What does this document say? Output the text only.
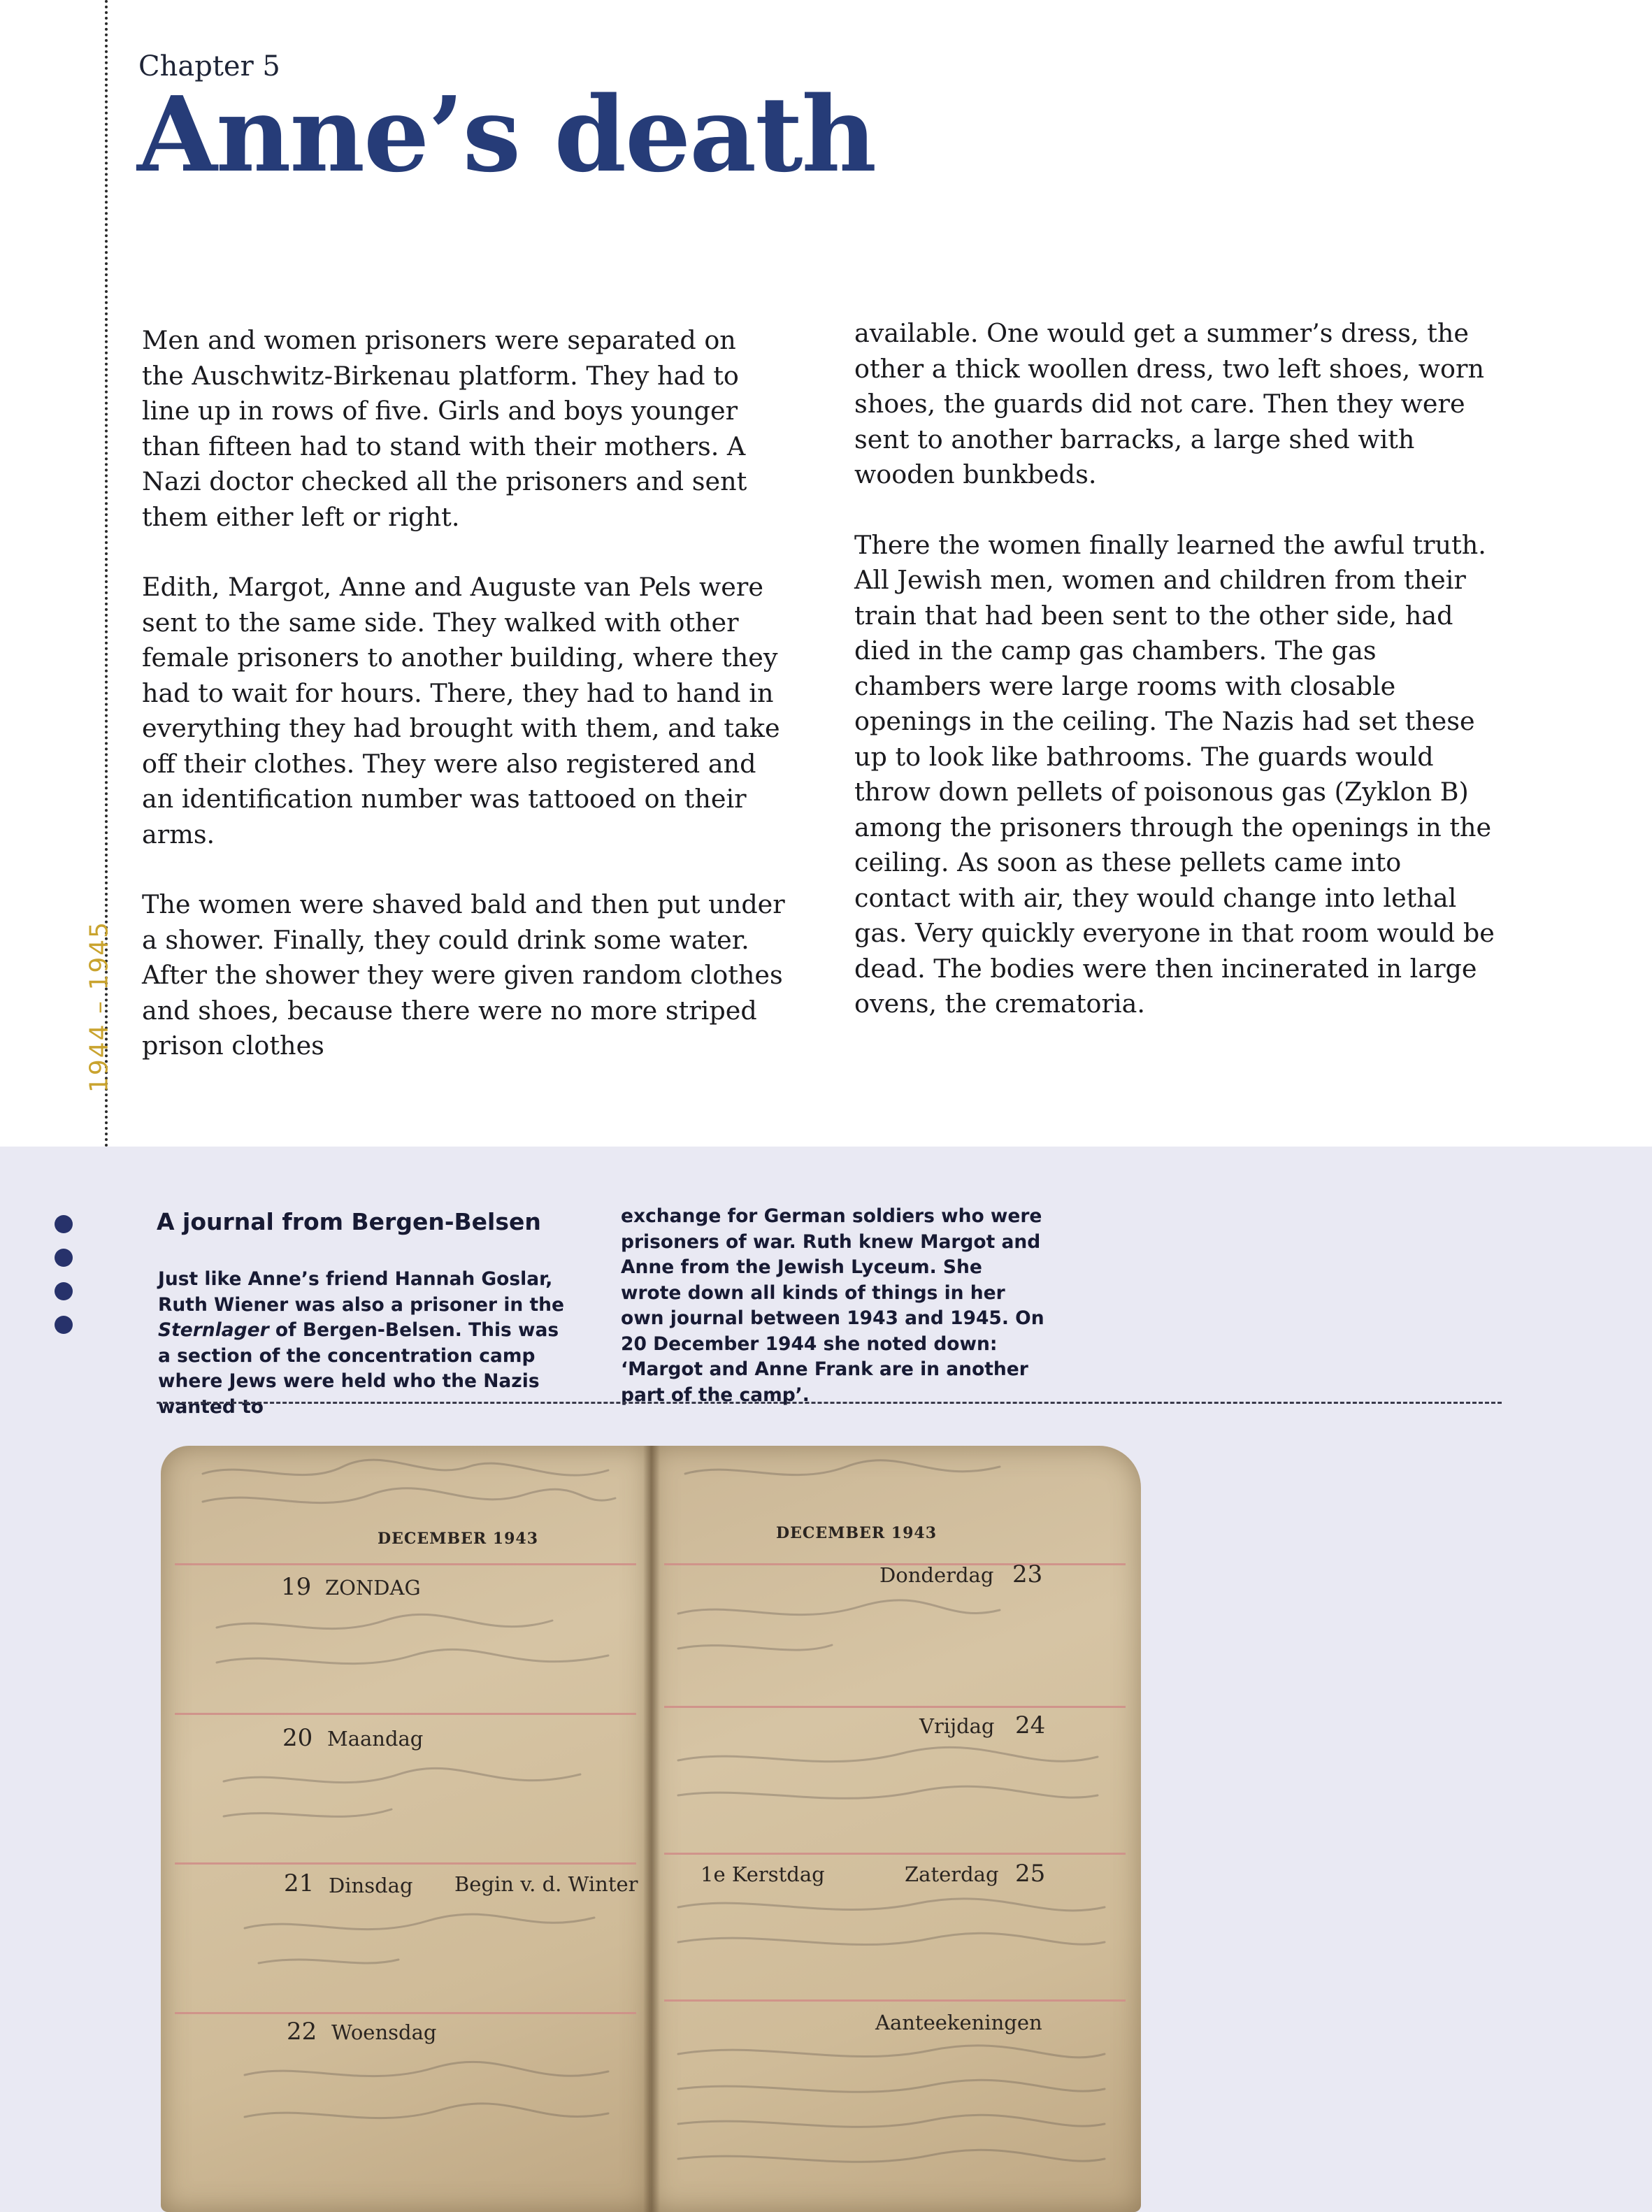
Chapter 5
Anne’s death
1944 – 1945

Men and women prisoners were separated on the Auschwitz-Birkenau platform. They had to line up in rows of five. Girls and boys younger than fifteen had to stand with their mothers. A Nazi doctor checked all the prisoners and sent them either left or right.

Edith, Margot, Anne and Auguste van Pels were sent to the same side. They walked with other female prisoners to another building, where they had to wait for hours. There, they had to hand in everything they had brought with them, and take off their clothes. They were also registered and an identification number was tattooed on their arms.

The women were shaved bald and then put under a shower. Finally, they could drink some water. After the shower they were given random clothes and shoes, because there were no more striped prison clothes

available. One would get a summer’s dress, the other a thick woollen dress, two left shoes, worn shoes, the guards did not care. Then they were sent to another barracks, a large shed with wooden bunkbeds.

There the women finally learned the awful truth. All Jewish men, women and children from their train that had been sent to the other side, had died in the camp gas chambers. The gas chambers were large rooms with closable openings in the ceiling. The Nazis had set these up to look like bathrooms. The guards would throw down pellets of poisonous gas (Zyklon B) among the prisoners through the openings in the ceiling. As soon as these pellets came into contact with air, they would change into lethal gas. Very quickly everyone in that room would be dead. The bodies were then incinerated in large ovens, the crematoria.

A journal from Bergen-Belsen
Just like Anne’s friend Hannah Goslar, Ruth Wiener was also a prisoner in the Sternlager of Bergen-Belsen. This was a section of the concentration camp where Jews were held who the Nazis wanted to
exchange for German soldiers who were prisoners of war. Ruth knew Margot and Anne from the Jewish Lyceum. She wrote down all kinds of things in her own journal between 1943 and 1945. On 20 December 1944 she noted down: ‘Margot and Anne Frank are in another part of the camp’.
DECEMBER 1943
19 ZONDAG
20 Maandag
21 Dinsdag Begin v. d. Winter
22 Woensdag
DECEMBER 1943
Donderdag 23
Vrijdag 24
1e Kerstdag	Zaterdag 25
Aanteekeningen
